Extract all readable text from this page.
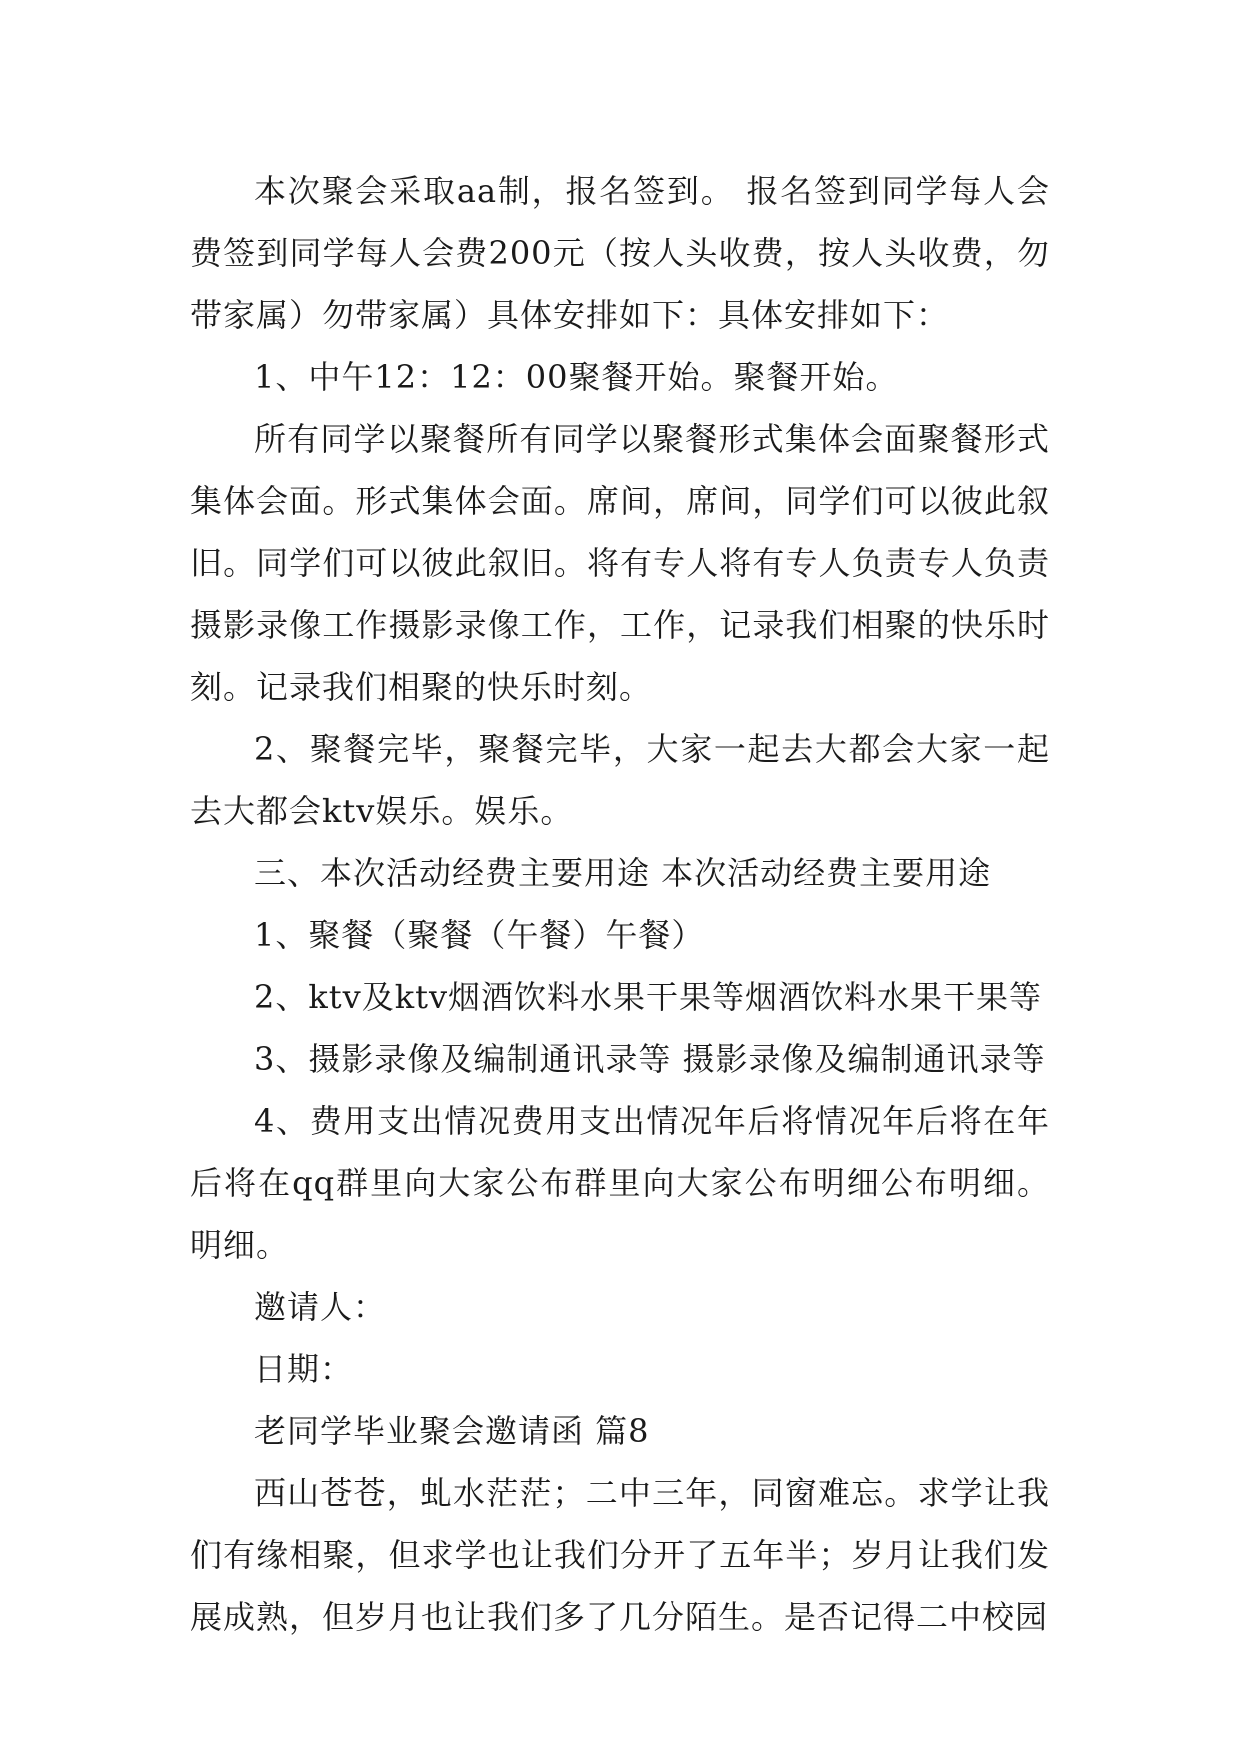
本次聚会采取aa制，报名签到。 报名签到同学每人会费签到同学每人会费200元（按人头收费，按人头收费，勿带家属）勿带家属）具体安排如下：具体安排如下：

1、中午12：12：00聚餐开始。聚餐开始。

所有同学以聚餐所有同学以聚餐形式集体会面聚餐形式集体会面。形式集体会面。席间，席间，同学们可以彼此叙旧。同学们可以彼此叙旧。将有专人将有专人负责专人负责摄影录像工作摄影录像工作，工作，记录我们相聚的快乐时刻。记录我们相聚的快乐时刻。

2、聚餐完毕，聚餐完毕，大家一起去大都会大家一起去大都会ktv娱乐。娱乐。

三、本次活动经费主要用途 本次活动经费主要用途

1、聚餐（聚餐（午餐）午餐）

2、ktv及ktv烟酒饮料水果干果等烟酒饮料水果干果等

3、摄影录像及编制通讯录等 摄影录像及编制通讯录等

4、费用支出情况费用支出情况年后将情况年后将在年后将在qq群里向大家公布群里向大家公布明细公布明细。明细。

邀请人：

日期：

老同学毕业聚会邀请函 篇8

西山苍苍，虬水茫茫；二中三年，同窗难忘。求学让我们有缘相聚，但求学也让我们分开了五年半；岁月让我们发展成熟，但岁月也让我们多了几分陌生。是否记得二中校园
